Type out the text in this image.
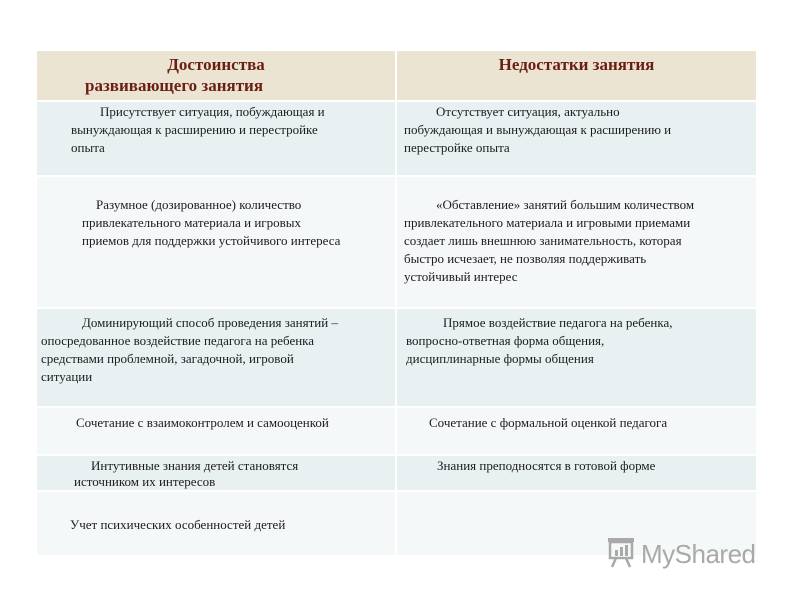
Достоинства
развивающего занятия
Недостатки занятия
Присутствует ситуация, побуждающая и
вынуждающая к расширению и перестройке
опыта
Отсутствует ситуация, актуально
побуждающая и вынуждающая к расширению и
перестройке опыта
Разумное (дозированное) количество
привлекательного материала и игровых
приемов для поддержки устойчивого интереса
«Обставление» занятий большим количеством
привлекательного материала и игровыми приемами
создает лишь внешнюю занимательность, которая
быстро исчезает, не позволяя поддерживать
устойчивый интерес
Доминирующий способ проведения занятий –
опосредованное воздействие педагога на ребенка
средствами проблемной, загадочной, игровой
ситуации
Прямое воздействие педагога на ребенка,
вопросно-ответная форма общения,
дисциплинарные формы общения
Сочетание с взаимоконтролем и самооценкой	Сочетание с формальной оценкой педагога
Интутивные знания детей становятся
источником их интересов
Знания преподносятся в готовой форме
Учет психических особенностей детей
MyShared
